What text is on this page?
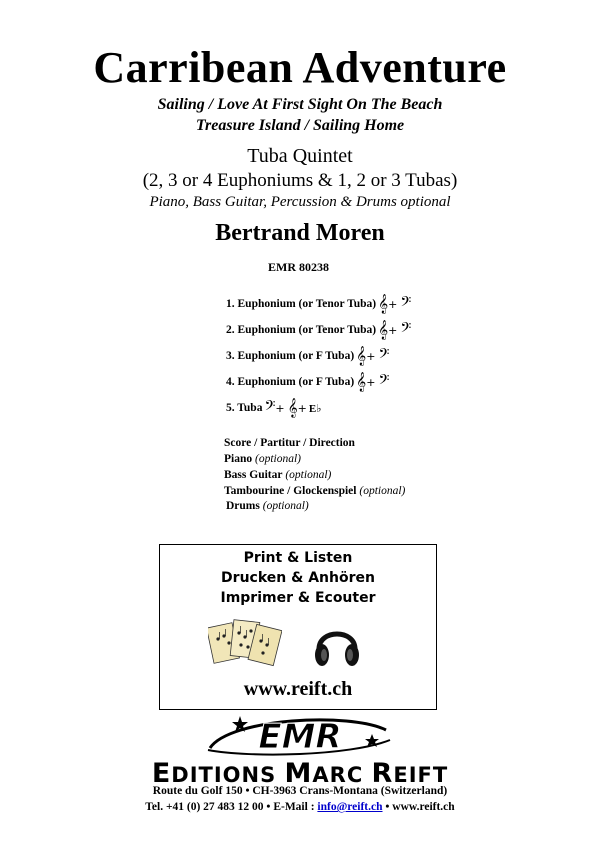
Carribean Adventure
Sailing / Love At First Sight On The Beach
Treasure Island / Sailing Home
Tuba Quintet
(2, 3 or 4 Euphoniums & 1, 2 or 3 Tubas)
Piano, Bass Guitar, Percussion & Drums optional
Bertrand Moren
EMR 80238
1. Euphonium (or Tenor Tuba) 𝄞 + 𝄢
2. Euphonium (or Tenor Tuba) 𝄞 + 𝄢
3. Euphonium (or F Tuba) 𝄞 + 𝄢
4. Euphonium (or F Tuba) 𝄞 + 𝄢
5. Tuba 𝄢 + 𝄞 + E♭
Score / Partitur / Direction
Piano (optional)
Bass Guitar (optional)
Tambourine / Glockenspiel (optional)
Drums (optional)
Print & Listen
Drucken & Anhören
Imprimer & Ecouter
www.reift.ch
EMR
EDITIONS MARC REIFT
Route du Golf 150 • CH-3963 Crans-Montana (Switzerland)
Tel. +41 (0) 27 483 12 00 • E-Mail : info@reift.ch • www.reift.ch
